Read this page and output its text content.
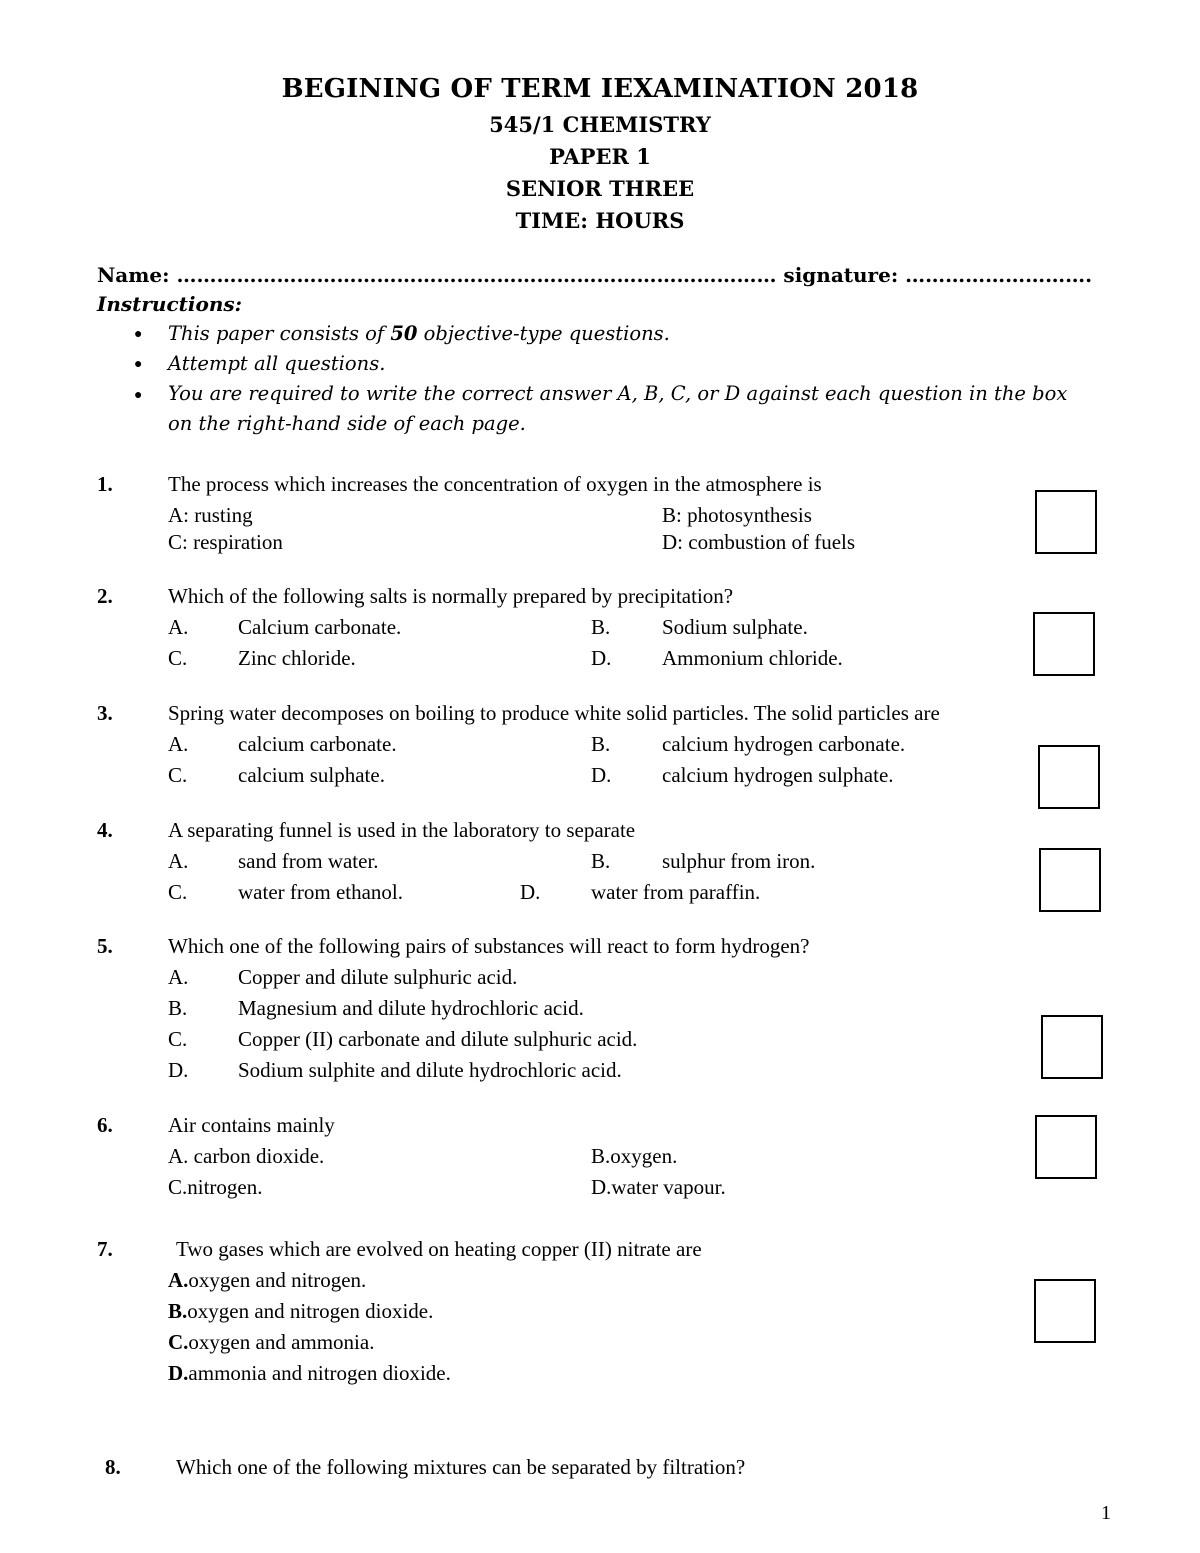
BEGINING OF TERM IEXAMINATION 2018
545/1 CHEMISTRY
PAPER 1
SENIOR THREE
TIME: HOURS
Name: ……………………………………………………………………………… signature: ……………………….
Instructions:
● This paper consists of 50 objective-type questions.
● Attempt all questions.
● You are required to write the correct answer A, B, C, or D against each question in the box
on the right-hand side of each page.
1.	The process which increases the concentration of oxygen in the atmosphere is
A: rusting	B: photosynthesis
C: respiration	D: combustion of fuels
2.	Which of the following salts is normally prepared by precipitation?
A. Calcium carbonate.	B. Sodium sulphate.
C. Zinc chloride.	D. Ammonium chloride.
3.	Spring water decomposes on boiling to produce white solid particles. The solid particles are
A. calcium carbonate.	B. calcium hydrogen carbonate.
C. calcium sulphate.	D. calcium hydrogen sulphate.
4.	A separating funnel is used in the laboratory to separate
A. sand from water.	B. sulphur from iron.
C. water from ethanol.	D. water from paraffin.
5.	Which one of the following pairs of substances will react to form hydrogen?
A. Copper and dilute sulphuric acid.
B. Magnesium and dilute hydrochloric acid.
C. Copper (II) carbonate and dilute sulphuric acid.
D. Sodium sulphite and dilute hydrochloric acid.
6.	Air contains mainly
A. carbon dioxide.	B.oxygen.
C.nitrogen.	D.water vapour.
7.	Two gases which are evolved on heating copper (II) nitrate are
A.oxygen and nitrogen.
B.oxygen and nitrogen dioxide.
C.oxygen and ammonia.
D.ammonia and nitrogen dioxide.
8.	Which one of the following mixtures can be separated by filtration?
1
